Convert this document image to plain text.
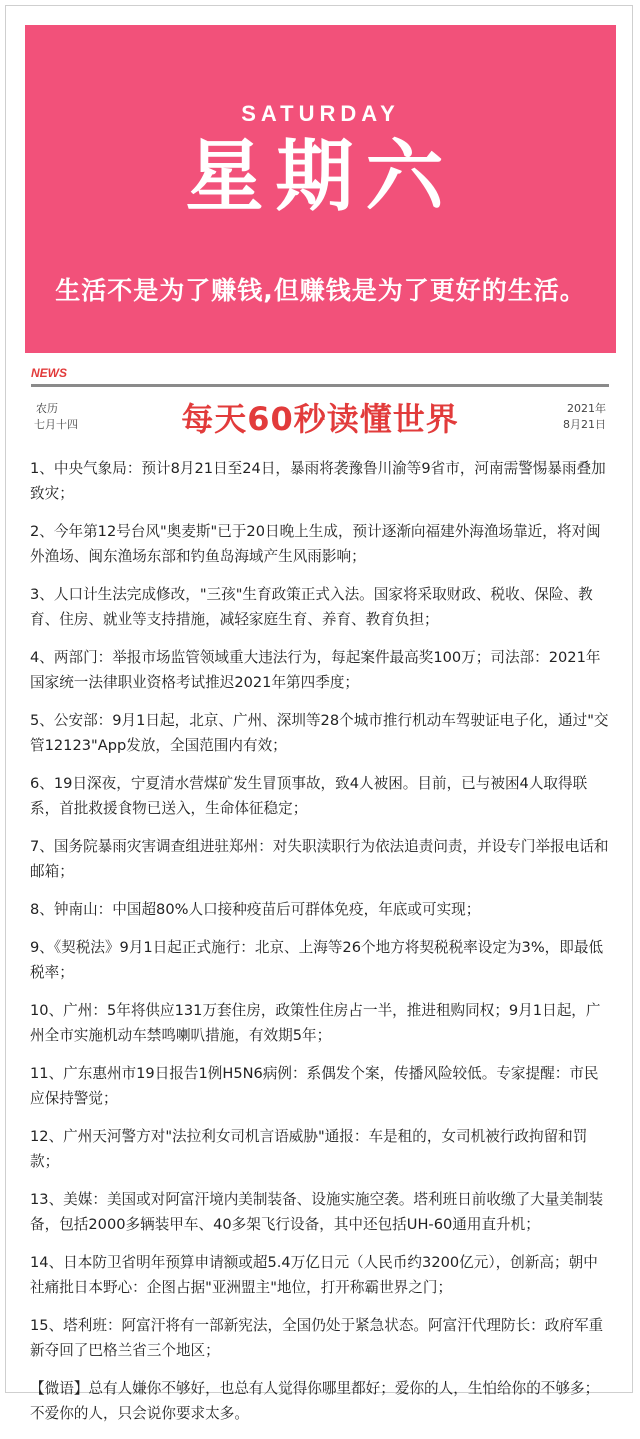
SATURDAY
星期六
生活不是为了赚钱,但赚钱是为了更好的生活。
NEWS
农历
七月十四	每天60秒读懂世界	2021年
8月21日

1、中央气象局：预计8月21日至24日，暴雨将袭豫鲁川渝等9省市，河南需警惕暴雨叠加致灾；

2、今年第12号台风"奥麦斯"已于20日晚上生成，预计逐渐向福建外海渔场靠近，将对闽外渔场、闽东渔场东部和钓鱼岛海域产生风雨影响；

3、人口计生法完成修改，"三孩"生育政策正式入法。国家将采取财政、税收、保险、教育、住房、就业等支持措施，减轻家庭生育、养育、教育负担；

4、两部门：举报市场监管领域重大违法行为，每起案件最高奖100万；司法部：2021年国家统一法律职业资格考试推迟2021年第四季度；

5、公安部：9月1日起，北京、广州、深圳等28个城市推行机动车驾驶证电子化，通过"交管12123"App发放，全国范围内有效；

6、19日深夜，宁夏清水营煤矿发生冒顶事故，致4人被困。目前，已与被困4人取得联系，首批救援食物已送入，生命体征稳定；

7、国务院暴雨灾害调查组进驻郑州：对失职渎职行为依法追责问责，并设专门举报电话和邮箱；

8、钟南山：中国超80%人口接种疫苗后可群体免疫，年底或可实现；

9、《契税法》9月1日起正式施行：北京、上海等26个地方将契税税率设定为3%，即最低税率；

10、广州：5年将供应131万套住房，政策性住房占一半，推进租购同权；9月1日起，广州全市实施机动车禁鸣喇叭措施，有效期5年；

11、广东惠州市19日报告1例H5N6病例：系偶发个案，传播风险较低。专家提醒：市民应保持警觉；

12、广州天河警方对"法拉利女司机言语威胁"通报：车是租的，女司机被行政拘留和罚款；

13、美媒：美国或对阿富汗境内美制装备、设施实施空袭。塔利班日前收缴了大量美制装备，包括2000多辆装甲车、40多架飞行设备，其中还包括UH-60通用直升机；

14、日本防卫省明年预算申请额或超5.4万亿日元（人民币约3200亿元），创新高；朝中社痛批日本野心：企图占据"亚洲盟主"地位，打开称霸世界之门；

15、塔利班：阿富汗将有一部新宪法，全国仍处于紧急状态。阿富汗代理防长：政府军重新夺回了巴格兰省三个地区；

【微语】总有人嫌你不够好，也总有人觉得你哪里都好；爱你的人，生怕给你的不够多；不爱你的人，只会说你要求太多。
